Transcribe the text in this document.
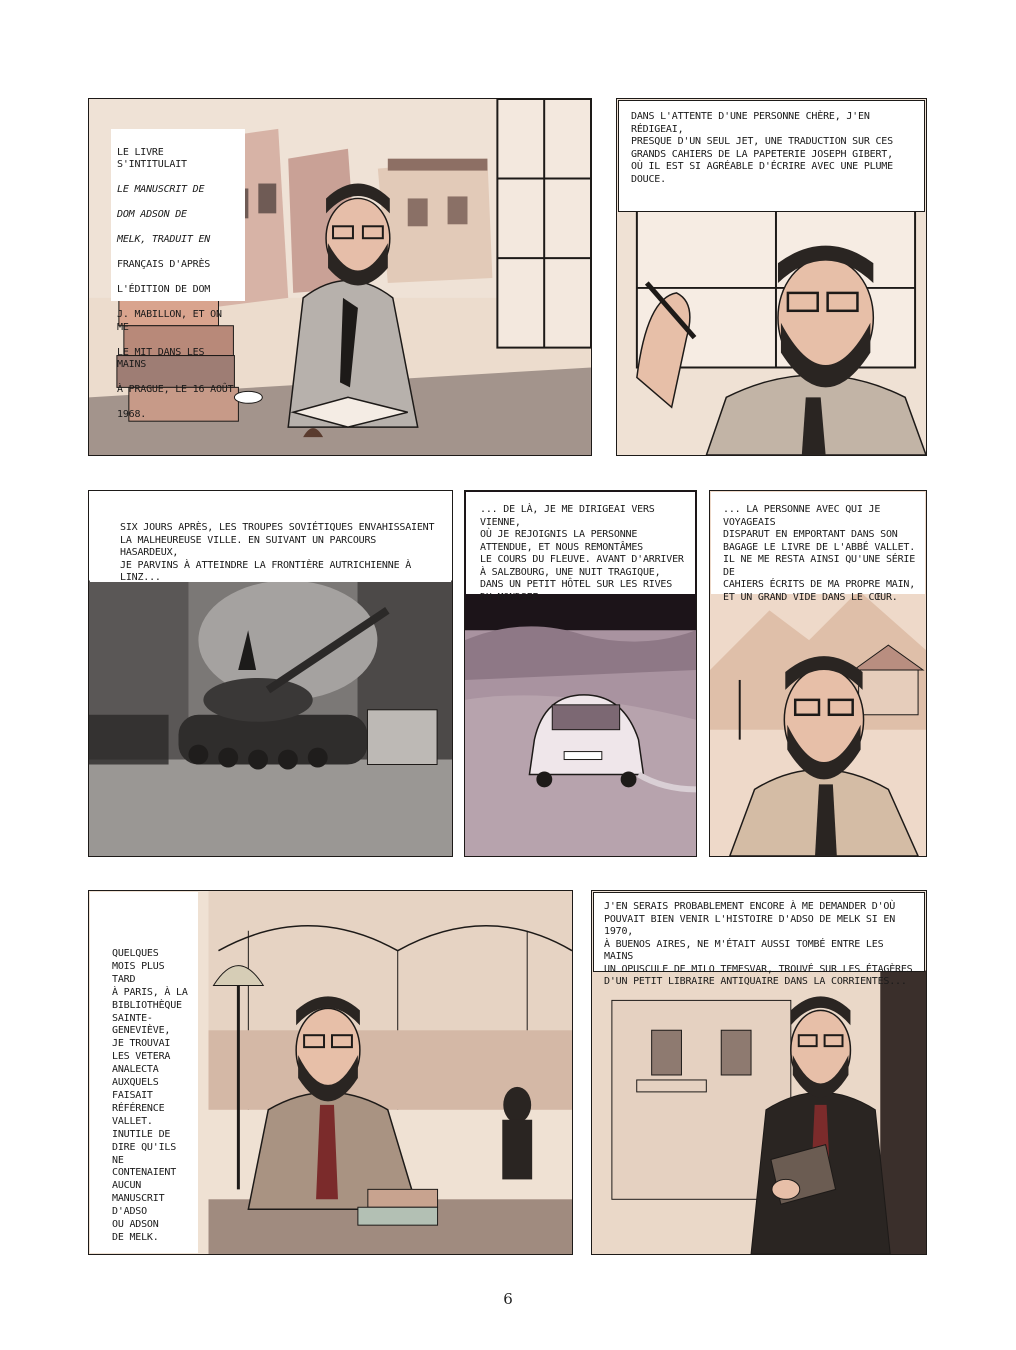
LE LIVRE S'INTITULAIT

LE MANUSCRIT DE

DOM ADSON DE

MELK, TRADUIT EN

FRANÇAIS D'APRÈS

L'ÉDITION DE DOM

J. MABILLON, ET ON ME

LE MIT DANS LES MAINS

À PRAGUE, LE 16 AOÛT

1968.

DANS L'ATTENTE D'UNE PERSONNE CHÈRE, J'EN RÉDIGEAI,
PRESQUE D'UN SEUL JET, UNE TRADUCTION SUR CES
GRANDS CAHIERS DE LA PAPETERIE JOSEPH GIBERT,
OÙ IL EST SI AGRÉABLE D'ÉCRIRE AVEC UNE PLUME
DOUCE.
SIX JOURS APRÈS, LES TROUPES SOVIÉTIQUES ENVAHISSAIENT
LA MALHEUREUSE VILLE. EN SUIVANT UN PARCOURS HASARDEUX,
JE PARVINS À ATTEINDRE LA FRONTIÈRE AUTRICHIENNE À LINZ...
... DE LÀ, JE ME DIRIGEAI VERS VIENNE,
OÙ JE REJOIGNIS LA PERSONNE
ATTENDUE, ET NOUS REMONTÂMES
LE COURS DU FLEUVE. AVANT D'ARRIVER
À SALZBOURG, UNE NUIT TRAGIQUE,
DANS UN PETIT HÔTEL SUR LES RIVES
DU MONDSEE...
... LA PERSONNE AVEC QUI JE VOYAGEAIS
DISPARUT EN EMPORTANT DANS SON
BAGAGE LE LIVRE DE L'ABBÉ VALLET.
IL NE ME RESTA AINSI QU'UNE SÉRIE DE
CAHIERS ÉCRITS DE MA PROPRE MAIN,
ET UN GRAND VIDE DANS LE CŒUR.
QUELQUES
MOIS PLUS TARD
À PARIS, À LA
BIBLIOTHÈQUE
SAINTE-
GENEVIÈVE,
JE TROUVAI
LES VETERA
ANALECTA
AUXQUELS
FAISAIT
RÉFÉRENCE
VALLET.
INUTILE DE
DIRE QU'ILS NE
CONTENAIENT
AUCUN
MANUSCRIT
D'ADSO
OU ADSON
DE MELK.
J'EN SERAIS PROBABLEMENT ENCORE À ME DEMANDER D'OÙ
POUVAIT BIEN VENIR L'HISTOIRE D'ADSO DE MELK SI EN 1970,
À BUENOS AIRES, NE M'ÉTAIT AUSSI TOMBÉ ENTRE LES MAINS
UN OPUSCULE DE MILO TEMESVAR, TROUVÉ SUR LES ÉTAGÈRES
D'UN PETIT LIBRAIRE ANTIQUAIRE DANS LA CORRIENTES...
6
